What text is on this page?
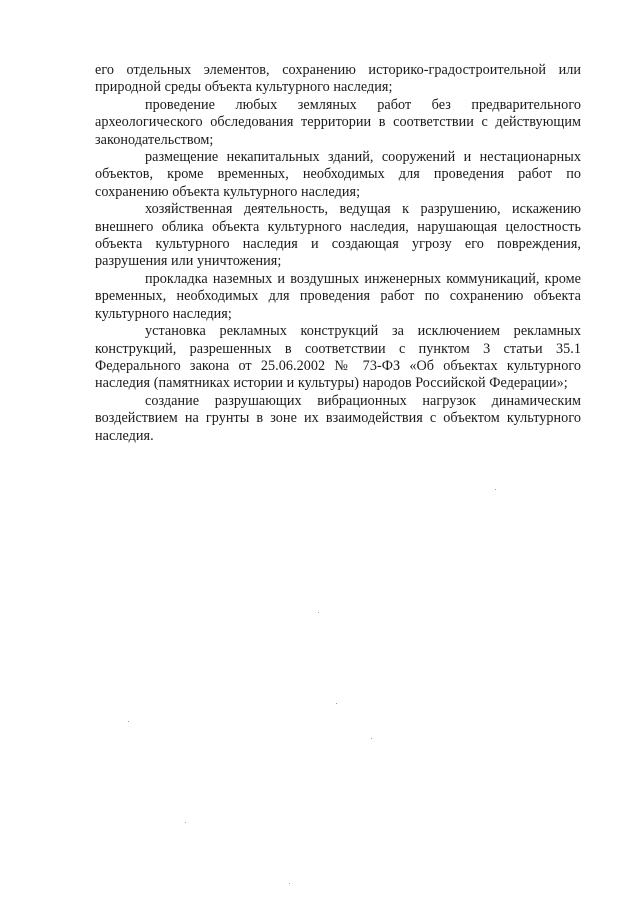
его отдельных элементов, сохранению историко-градостроительной или природной среды объекта культурного наследия;

проведение любых земляных работ без предварительного археологического обследования территории в соответствии с действующим законодательством;

размещение некапитальных зданий, сооружений и нестационарных объектов, кроме временных, необходимых для проведения работ по сохранению объекта культурного наследия;

хозяйственная деятельность, ведущая к разрушению, искажению внешнего облика объекта культурного наследия, нарушающая целостность объекта культурного наследия и создающая угрозу его повреждения, разрушения или уничтожения;

прокладка наземных и воздушных инженерных коммуникаций, кроме временных, необходимых для проведения работ по сохранению объекта культурного наследия;

установка рекламных конструкций за исключением рекламных конструкций, разрешенных в соответствии с пунктом 3 статьи 35.1 Федерального закона от 25.06.2002 № 73-ФЗ «Об объектах культурного наследия (памятниках истории и культуры) народов Российской Федерации»;

создание разрушающих вибрационных нагрузок динамическим воздействием на грунты в зоне их взаимодействия с объектом культурного наследия.
